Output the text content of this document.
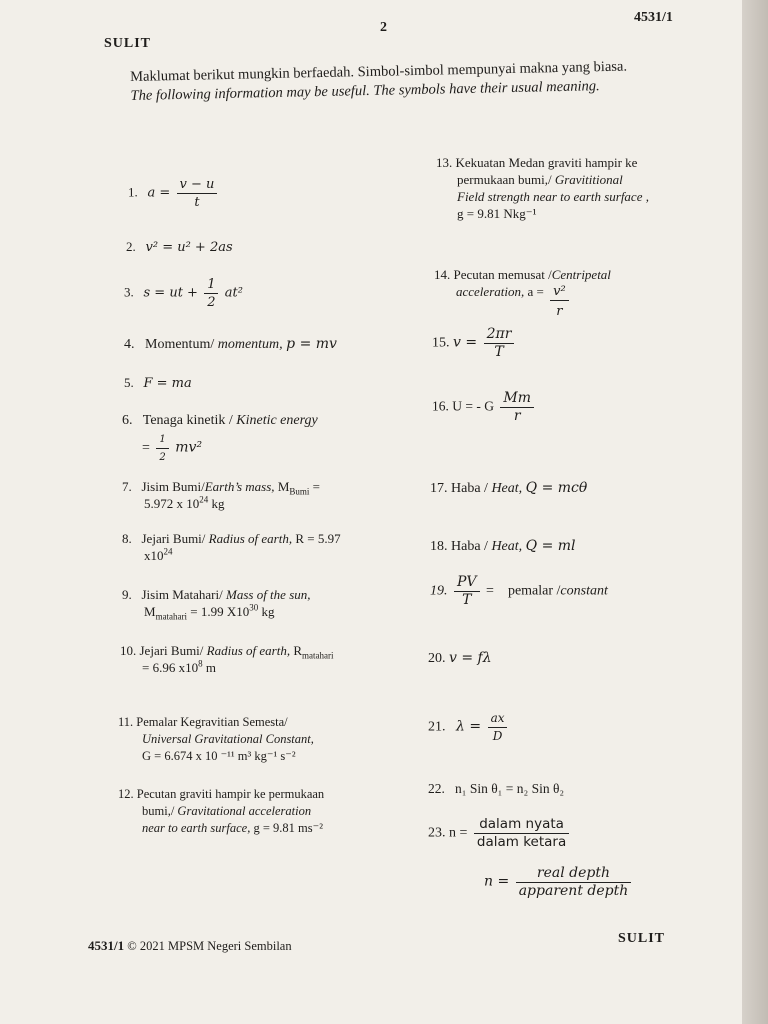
4531/1
2
SULIT
Maklumat berikut mungkin berfaedah. Simbol-simbol mempunyai makna yang biasa.
The following information may be useful. The symbols have their usual meaning.
1. $a = \frac{v - u}{t}$
2. v² = u² + 2as
3. s = ut + $\frac{1}{2} at^2$
4. Momentum/ momentum, p = mv
5. F = ma
6. Tenaga kinetik / Kinetic energy
= $\frac{1}{2} mv^2$
7. Jisim Bumi/Earth’s mass, $M_{Bumi}$ =
5.972 x $10^{24}$ kg
8. Jejari Bumi/ Radius of earth, R = 5.97
$x10^{24}$
9. Jisim Matahari/ Mass of the sun,
$M_{matahari} = 1.99$ $X10^{30}$ kg
10. Jejari Bumi/ Radius of earth, $R_{matahari}$
= 6.96 $x10^8$ m
11. Pemalar Kegravitian Semesta/
Universal Gravitational Constant,
G = 6.674 x 10 ⁻¹¹ m³ kg⁻¹ s⁻²
12. Pecutan graviti hampir ke permukaan
bumi,/ Gravitational acceleration
near to earth surface, g = 9.81 ms⁻²
13. Kekuatan Medan graviti hampir ke
permukaan bumi,/ Gravititional
Field strength near to earth surface ,
g = 9.81 Nkg⁻¹
14. Pecutan memusat /Centripetal
acceleration, $a = \frac{\text{v²}}{r}$
15. $v = \frac{2\pi r}{T}$
16. U = - G $\frac{Mm}{r}$
17. Haba / Heat, Q = mcθ
18. Haba / Heat, Q = ml
19. $\frac{PV}{T}$ = pemalar /constant
20. v = fλ
21. $\lambda = \frac{ax}{D}$
22. n₁ Sin θ₁ = n₂ Sin θ₂
23. $n = \frac{\text{dalam nyata}}{\text{dalam ketara}}$
$n = \frac{\text{real depth}}{\text{apparent depth}}$
4531/1 © 2021 MPSM Negeri Sembilan	SULIT
